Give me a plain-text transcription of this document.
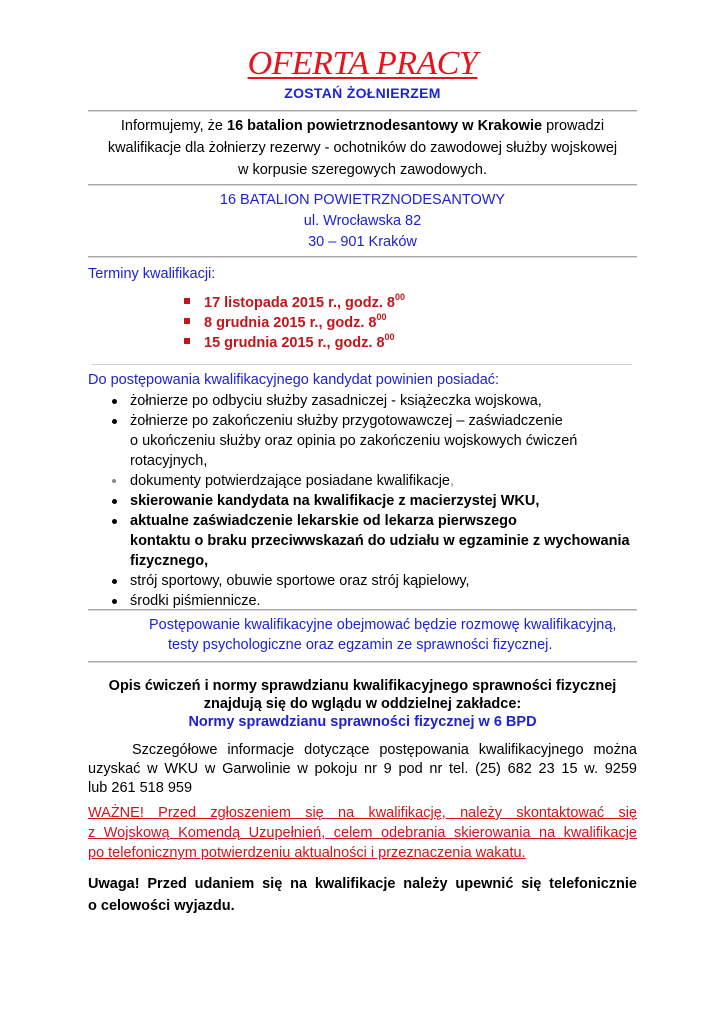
OFERTA PRACY
ZOSTAŃ ŻOŁNIERZEM
Informujemy, że 16 batalion powietrznodesantowy w Krakowie prowadzi
kwalifikacje dla żołnierzy rezerwy - ochotników do zawodowej służby wojskowej
w korpusie szeregowych zawodowych.
16 BATALION POWIETRZNODESANTOWY
ul. Wrocławska 82
30 – 901 Kraków
Terminy kwalifikacji:
17 listopada 2015 r., godz. $8^{00}$
8 grudnia 2015 r., godz. $8^{00}$
15 grudnia 2015 r., godz. $8^{00}$
Do postępowania kwalifikacyjnego kandydat powinien posiadać:
żołnierze po odbyciu służby zasadniczej - książeczka wojskowa,
żołnierze po zakończeniu służby przygotowawczej – zaświadczenie
o ukończeniu służby oraz opinia po zakończeniu wojskowych ćwiczeń
rotacyjnych,
dokumenty potwierdzające posiadane kwalifikacje,
skierowanie kandydata na kwalifikacje z macierzystej WKU,
aktualne zaświadczenie lekarskie od lekarza pierwszego
kontaktu o braku przeciwwskazań do udziału w egzaminie z wychowania
fizycznego,
strój sportowy, obuwie sportowe oraz strój kąpielowy,
środki piśmiennicze.
Postępowanie kwalifikacyjne obejmować będzie rozmowę kwalifikacyjną,
testy psychologiczne oraz egzamin ze sprawności fizycznej.
Opis ćwiczeń i normy sprawdzianu kwalifikacyjnego sprawności fizycznej
znajdują się do wglądu w oddzielnej zakładce:
Normy sprawdzianu sprawności fizycznej w 6 BPD
Szczegółowe informacje dotyczące postępowania kwalifikacyjnego można
uzyskać w WKU w Garwolinie w pokoju nr 9 pod nr tel. (25) 682 23 15 w. 9259
lub 261 518 959
WAŻNE! Przed zgłoszeniem się na kwalifikację, należy skontaktować się
z Wojskową Komendą Uzupełnień, celem odebrania skierowania na kwalifikacje
po telefonicznym potwierdzeniu aktualności i przeznaczenia wakatu.
Uwaga! Przed udaniem się na kwalifikacje należy upewnić się telefonicznie
o celowości wyjazdu.
